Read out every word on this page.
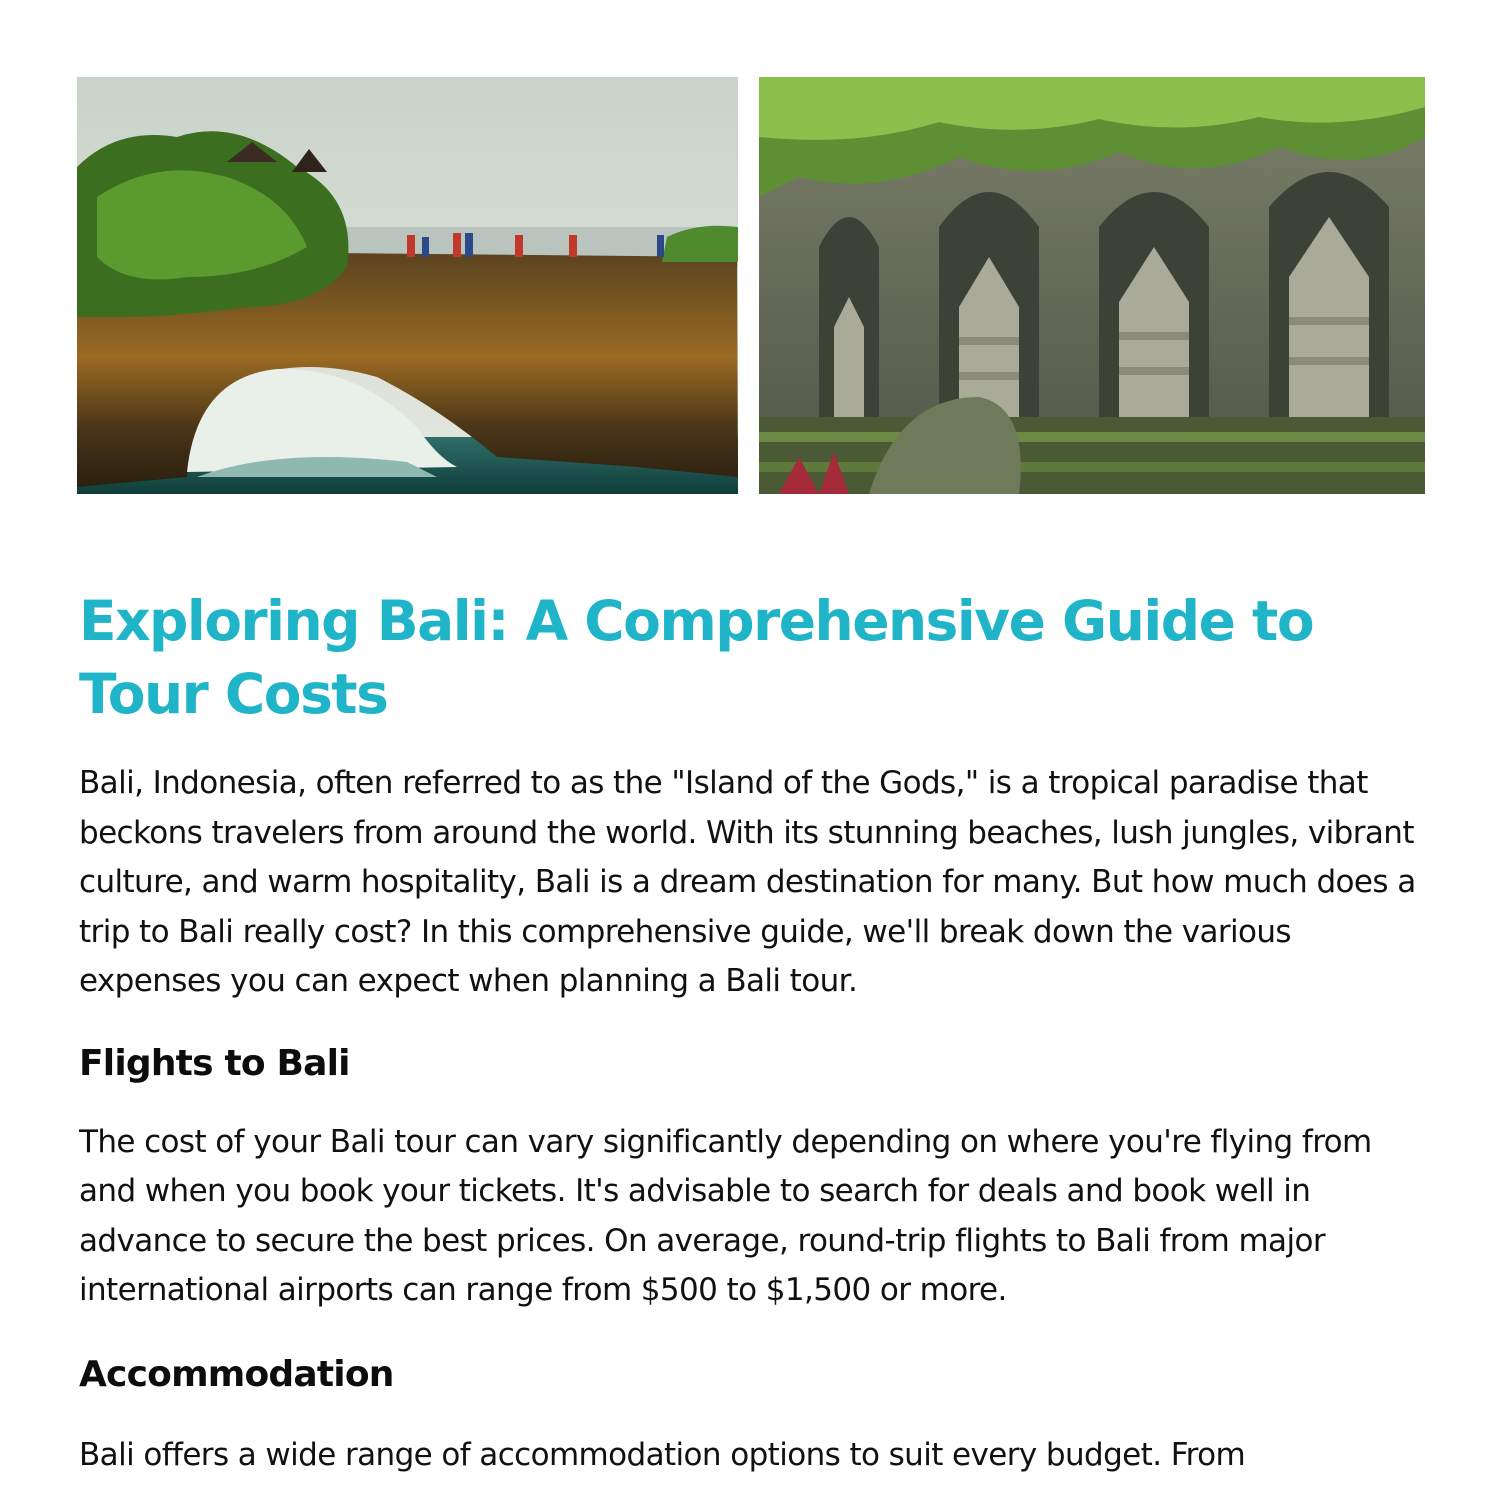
Exploring Bali: A Comprehensive Guide to Tour Costs

Bali, Indonesia, often referred to as the "Island of the Gods," is a tropical paradise that beckons travelers from around the world. With its stunning beaches, lush jungles, vibrant culture, and warm hospitality, Bali is a dream destination for many. But how much does a trip to Bali really cost? In this comprehensive guide, we'll break down the various expenses you can expect when planning a Bali tour.

Flights to Bali

The cost of your Bali tour can vary significantly depending on where you're flying from and when you book your tickets. It's advisable to search for deals and book well in advance to secure the best prices. On average, round-trip flights to Bali from major international airports can range from $500 to $1,500 or more.

Accommodation

Bali offers a wide range of accommodation options to suit every budget. From
